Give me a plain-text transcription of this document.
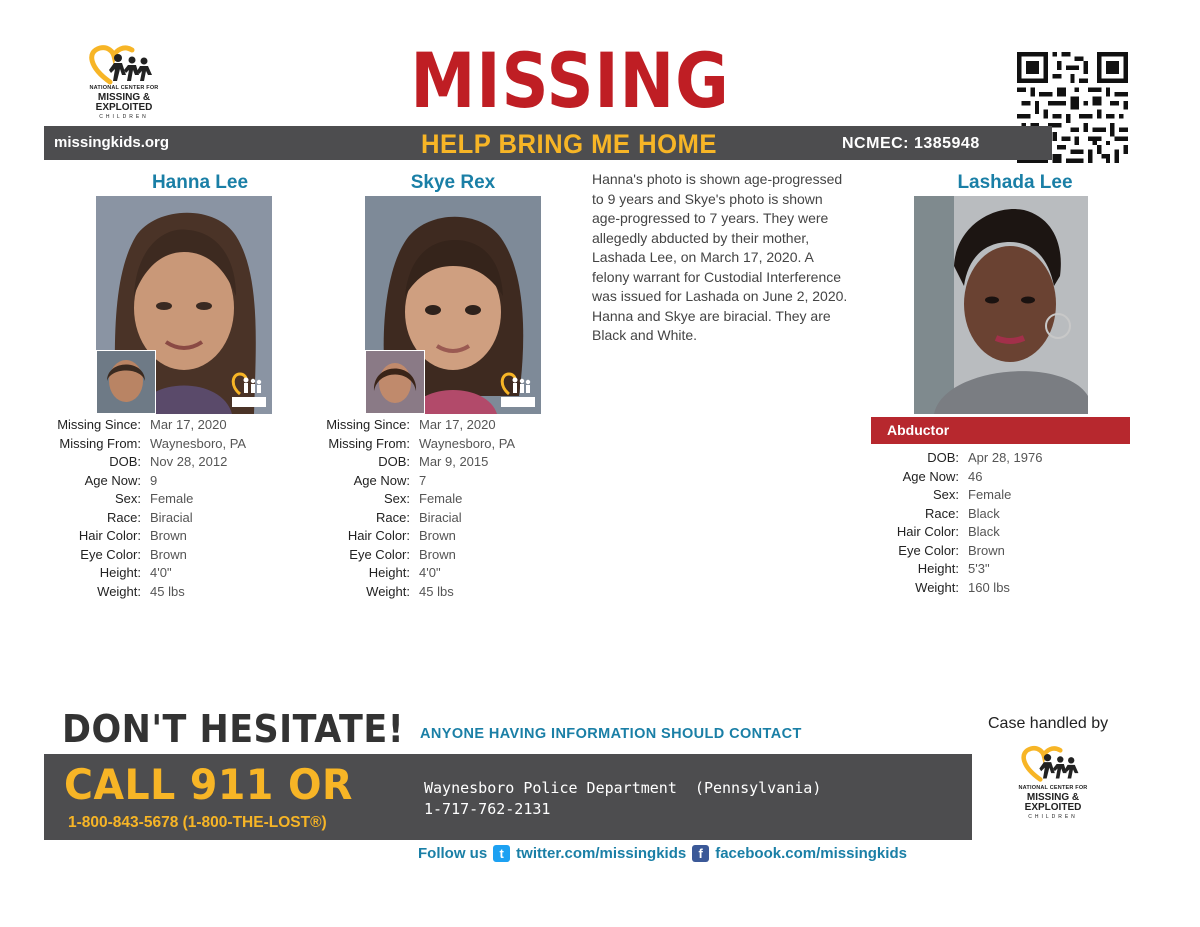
NATIONAL CENTER FOR
MISSING &
EXPLOITED
CHILDREN	MISSING
missingkids.org	HELP BRING ME HOME	NCMEC: 1385948
Hanna Lee
Missing Since: Mar 17, 2020
Missing From: Waynesboro, PA
DOB: Nov 28, 2012
Age Now: 9
Sex: Female
Race: Biracial
Hair Color: Brown
Eye Color: Brown
Height: 4'0"
Weight: 45 lbs
Skye Rex
Missing Since: Mar 17, 2020
Missing From: Waynesboro, PA
DOB: Mar 9, 2015
Age Now: 7
Sex: Female
Race: Biracial
Hair Color: Brown
Eye Color: Brown
Height: 4'0"
Weight: 45 lbs
Hanna's photo is shown age-progressed to 9 years and Skye's photo is shown age-progressed to 7 years. They were allegedly abducted by their mother, Lashada Lee, on March 17, 2020. A felony warrant for Custodial Interference was issued for Lashada on June 2, 2020. Hanna and Skye are biracial. They are Black and White.
Lashada Lee
Abductor
DOB: Apr 28, 1976
Age Now: 46
Sex: Female
Race: Black
Hair Color: Black
Eye Color: Brown
Height: 5'3"
Weight: 160 lbs
DON'T HESITATE! ANYONE HAVING INFORMATION SHOULD CONTACT
CALL 911 OR
1-800-843-5678 (1-800-THE-LOST®)
Waynesboro Police Department  (Pennsylvania)
1-717-762-2131
Case handled by
NATIONAL CENTER FOR
MISSING &
EXPLOITED
CHILDREN
Follow us t twitter.com/missingkids f facebook.com/missingkids
